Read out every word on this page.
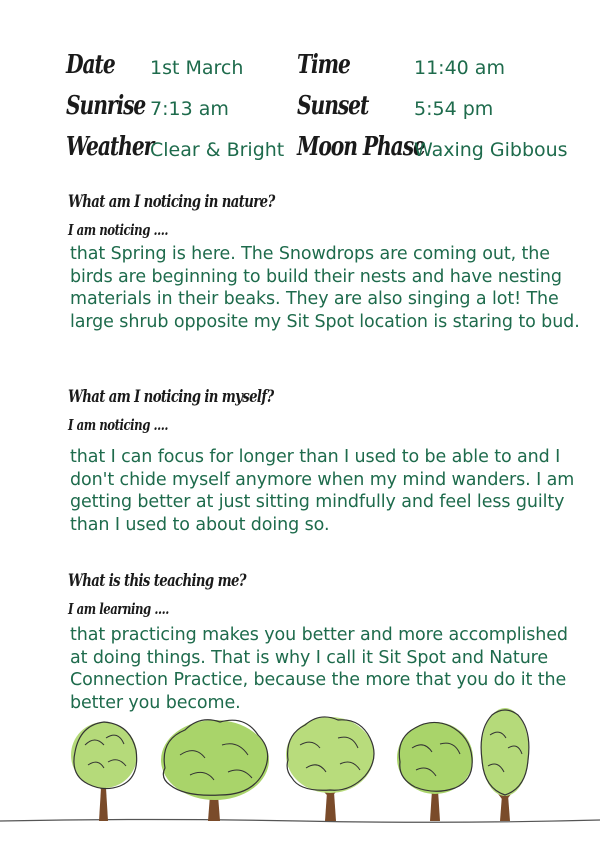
Date 1st March Time	11:40 am
Sunrise 7:13 am	Sunset 5:54 pm
Weather
Clear & Bright Moon Phase
Waxing Gibbous
What am I noticing in nature?
I am noticing ....

that Spring is here. The Snowdrops are coming out, the birds are beginning to build their nests and have nesting materials in their beaks. They are also singing a lot! The large shrub opposite my Sit Spot location is staring to bud.

What am I noticing in myself?
I am noticing ....

that I can focus for longer than I used to be able to and I don't chide myself anymore when my mind wanders. I am getting better at just sitting mindfully and feel less guilty than I used to about doing so.

What is this teaching me?
I am learning ....

that practicing makes you better and more accomplished at doing things. That is why I call it Sit Spot and Nature Connection Practice, because the more that you do it the better you become.
